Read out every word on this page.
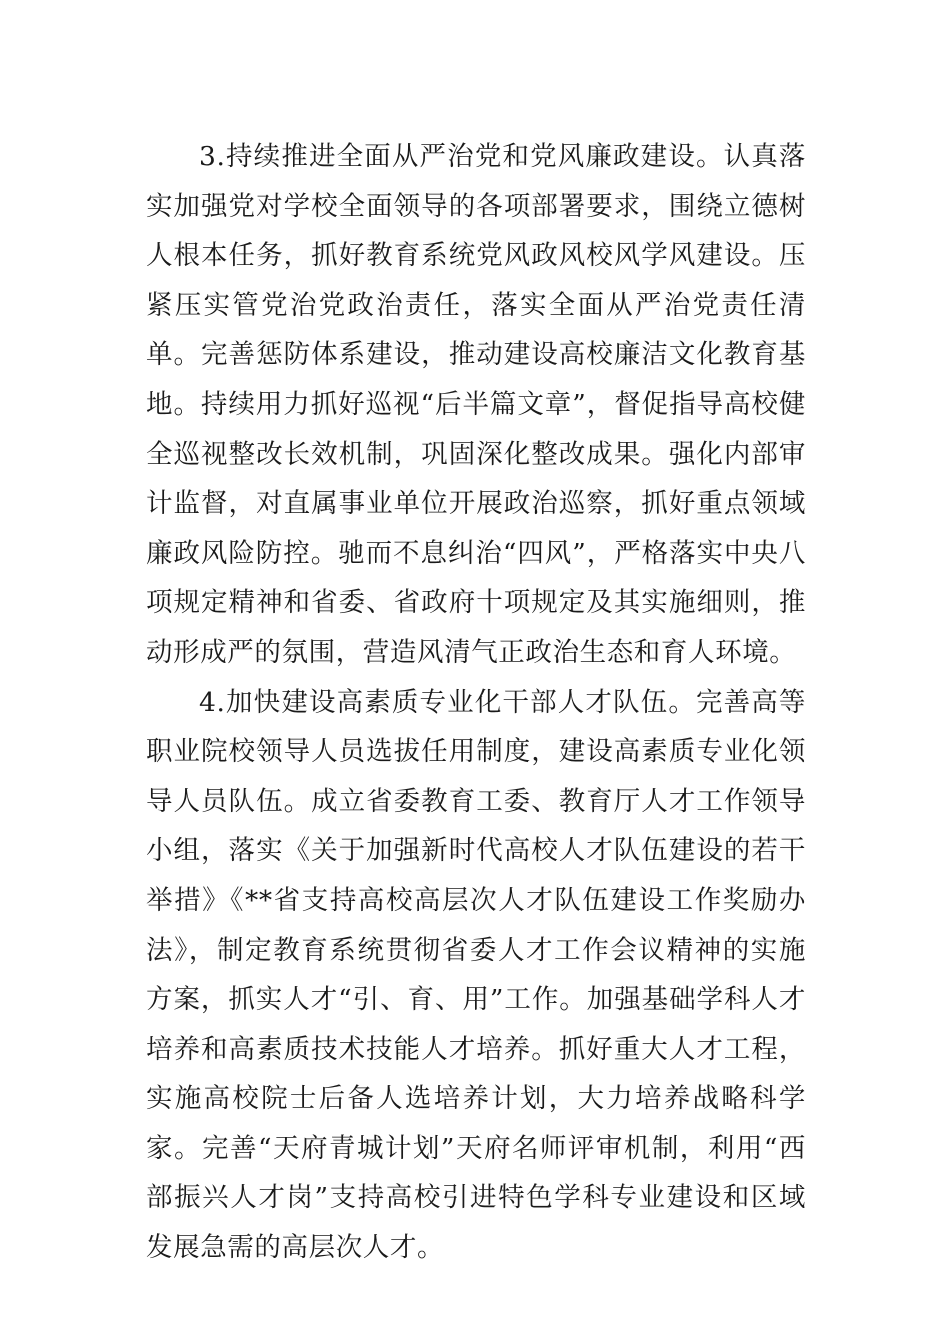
3.持续推进全面从严治党和党风廉政建设。认真落实加强党对学校全面领导的各项部署要求，围绕立德树人根本任务，抓好教育系统党风政风校风学风建设。压紧压实管党治党政治责任，落实全面从严治党责任清单。完善惩防体系建设，推动建设高校廉洁文化教育基地。持续用力抓好巡视“后半篇文章”，督促指导高校健全巡视整改长效机制，巩固深化整改成果。强化内部审计监督，对直属事业单位开展政治巡察，抓好重点领域廉政风险防控。驰而不息纠治“四风”，严格落实中央八项规定精神和省委、省政府十项规定及其实施细则，推动形成严的氛围，营造风清气正政治生态和育人环境。

4.加快建设高素质专业化干部人才队伍。完善高等职业院校领导人员选拔任用制度，建设高素质专业化领导人员队伍。成立省委教育工委、教育厅人才工作领导小组，落实《关于加强新时代高校人才队伍建设的若干举措》《**省支持高校高层次人才队伍建设工作奖励办法》，制定教育系统贯彻省委人才工作会议精神的实施方案，抓实人才“引、育、用”工作。加强基础学科人才培养和高素质技术技能人才培养。抓好重大人才工程，实施高校院士后备人选培养计划，大力培养战略科学家。完善“天府青城计划”天府名师评审机制，利用“西部振兴人才岗”支持高校引进特色学科专业建设和区域发展急需的高层次人才。
